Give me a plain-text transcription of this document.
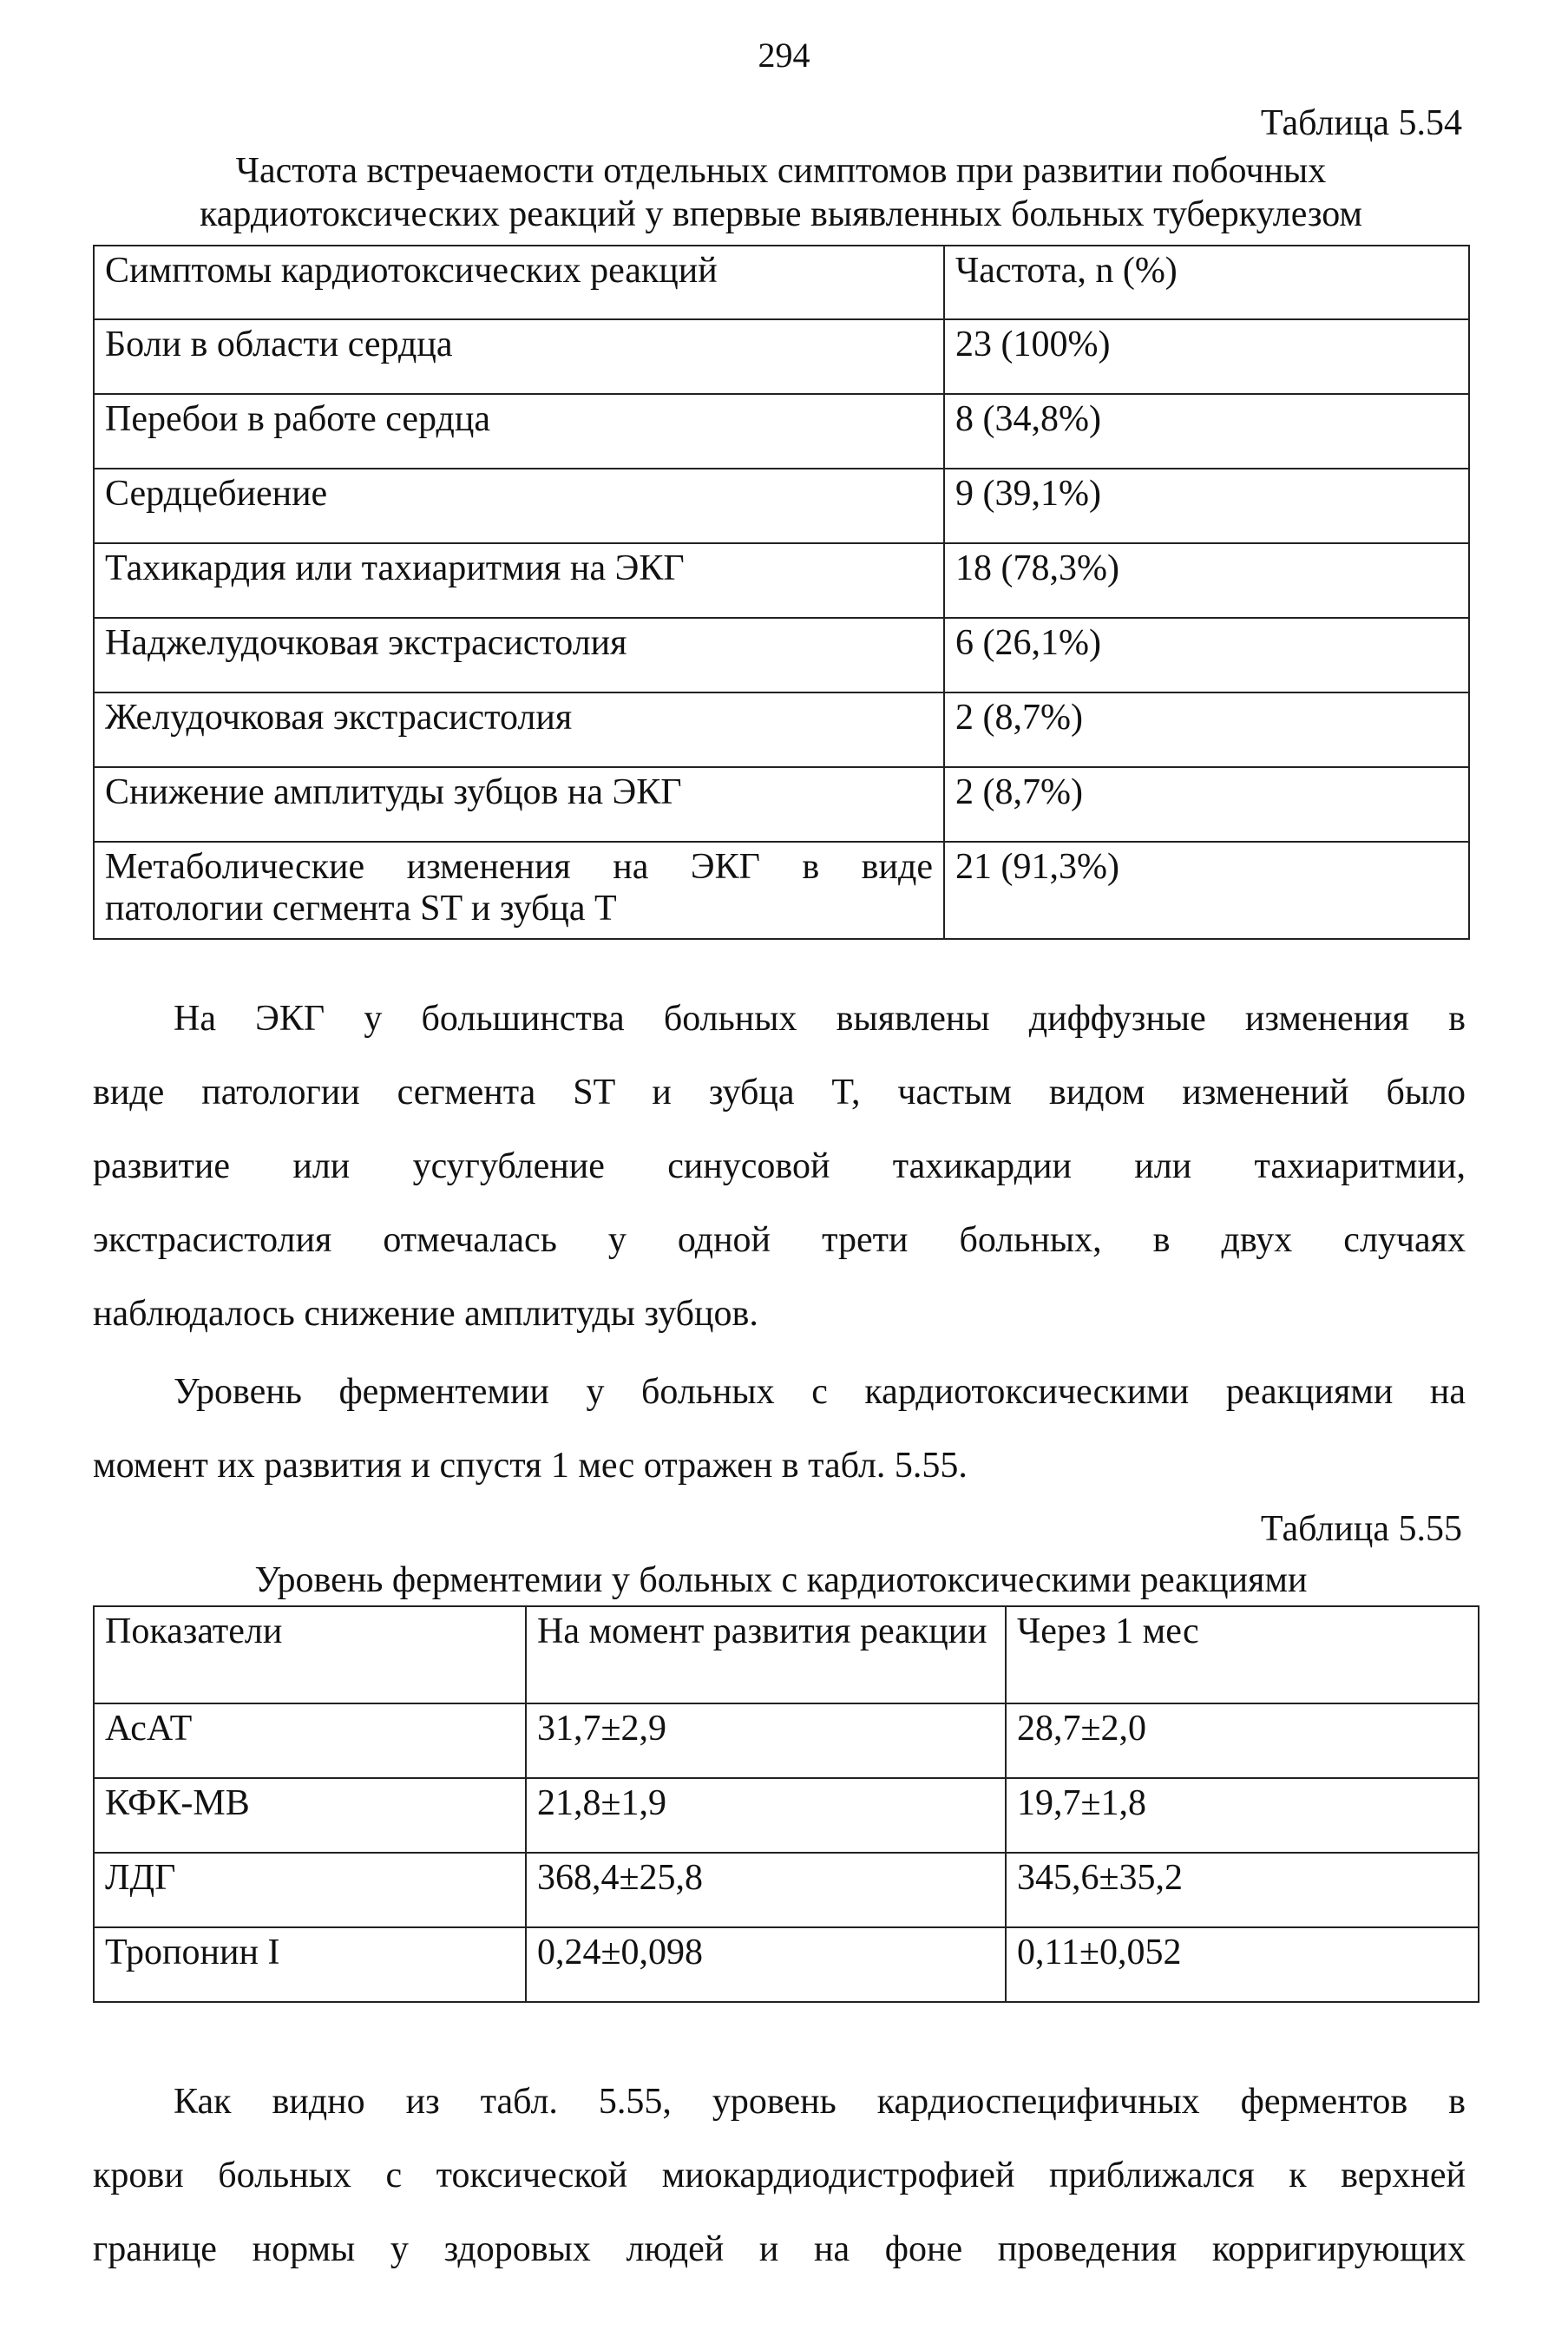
294
Таблица 5.54
Частота встречаемости отдельных симптомов при развитии побочных
кардиотоксических реакций у впервые выявленных больных туберкулезом
Симптомы кардиотоксических реакций	Частота, n (%)
Боли в области сердца	23 (100%)
Перебои в работе сердца	8 (34,8%)
Сердцебиение	9 (39,1%)
Тахикардия или тахиаритмия на ЭКГ	18 (78,3%)
Наджелудочковая экстрасистолия	6 (26,1%)
Желудочковая экстрасистолия	2 (8,7%)
Снижение амплитуды зубцов на ЭКГ	2 (8,7%)

Метаболические изменения на ЭКГ в виде
патологии сегмента ST и зубца T	21 (91,3%)
На ЭКГ у большинства больных выявлены диффузные изменения в
виде патологии сегмента ST и зубца T, частым видом изменений было
развитие или усугубление синусовой тахикардии или тахиаритмии,
экстрасистолия отмечалась у одной трети больных, в двух случаях
наблюдалось снижение амплитуды зубцов.
Уровень ферментемии у больных с кардиотоксическими реакциями на
момент их развития и спустя 1 мес отражен в табл. 5.55.
Таблица 5.55
Уровень ферментемии у больных с кардиотоксическими реакциями
Показатели	На момент развития реакции	Через 1 мес
АсАТ	31,7±2,9	28,7±2,0
КФК-МВ	21,8±1,9	19,7±1,8
ЛДГ	368,4±25,8	345,6±35,2
Тропонин I	0,24±0,098	0,11±0,052
Как видно из табл. 5.55, уровень кардиоспецифичных ферментов в
крови больных с токсической миокардиодистрофией приближался к верхней
границе нормы у здоровых людей и на фоне проведения корригирующих
